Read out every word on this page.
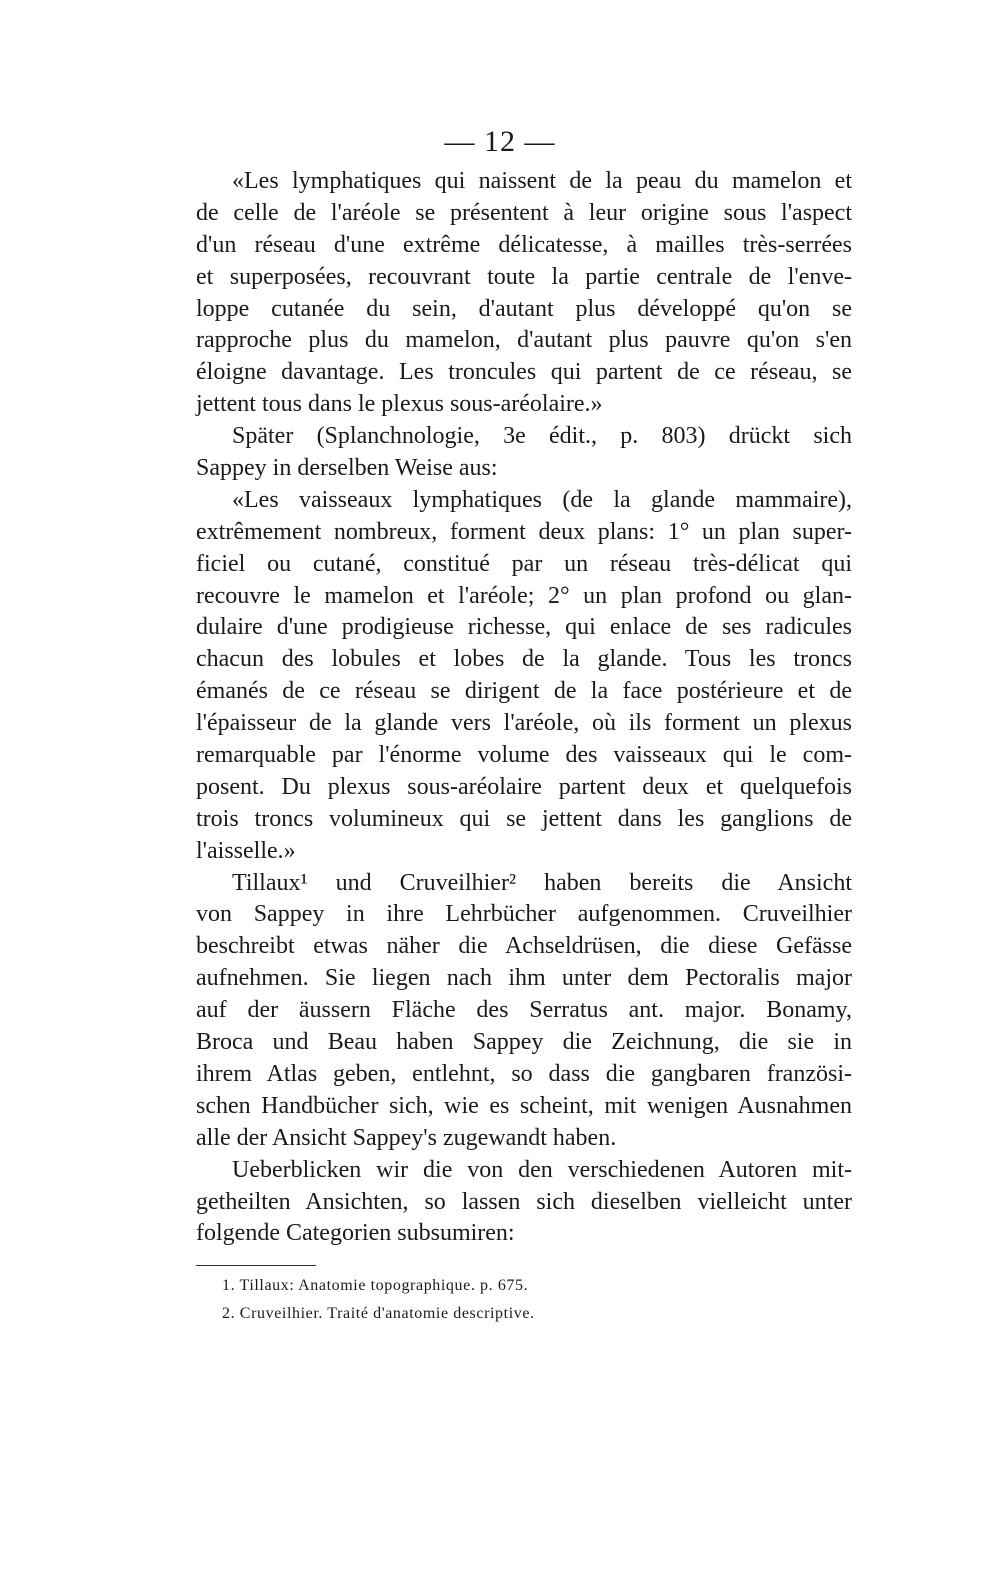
— 12 —
«Les lymphatiques qui naissent de la peau du mamelon et
de celle de l'aréole se présentent à leur origine sous l'aspect
d'un réseau d'une extrême délicatesse, à mailles très-serrées
et superposées, recouvrant toute la partie centrale de l'enve-
loppe cutanée du sein, d'autant plus développé qu'on se
rapproche plus du mamelon, d'autant plus pauvre qu'on s'en
éloigne davantage. Les troncules qui partent de ce réseau, se
jettent tous dans le plexus sous-aréolaire.»
Später (Splanchnologie, 3e édit., p. 803) drückt sich
Sappey in derselben Weise aus:
«Les vaisseaux lymphatiques (de la glande mammaire),
extrêmement nombreux, forment deux plans: 1° un plan super-
ficiel ou cutané, constitué par un réseau très-délicat qui
recouvre le mamelon et l'aréole; 2° un plan profond ou glan-
dulaire d'une prodigieuse richesse, qui enlace de ses radicules
chacun des lobules et lobes de la glande. Tous les troncs
émanés de ce réseau se dirigent de la face postérieure et de
l'épaisseur de la glande vers l'aréole, où ils forment un plexus
remarquable par l'énorme volume des vaisseaux qui le com-
posent. Du plexus sous-aréolaire partent deux et quelquefois
trois troncs volumineux qui se jettent dans les ganglions de
l'aisselle.»
Tillaux¹ und Cruveilhier² haben bereits die Ansicht
von Sappey in ihre Lehrbücher aufgenommen. Cruveilhier
beschreibt etwas näher die Achseldrüsen, die diese Gefässe
aufnehmen. Sie liegen nach ihm unter dem Pectoralis major
auf der äussern Fläche des Serratus ant. major. Bonamy,
Broca und Beau haben Sappey die Zeichnung, die sie in
ihrem Atlas geben, entlehnt, so dass die gangbaren französi-
schen Handbücher sich, wie es scheint, mit wenigen Ausnahmen
alle der Ansicht Sappey's zugewandt haben.
Ueberblicken wir die von den verschiedenen Autoren mit-
getheilten Ansichten, so lassen sich dieselben vielleicht unter
folgende Categorien subsumiren:
1. Tillaux: Anatomie topographique. p. 675.
2. Cruveilhier. Traité d'anatomie descriptive.
